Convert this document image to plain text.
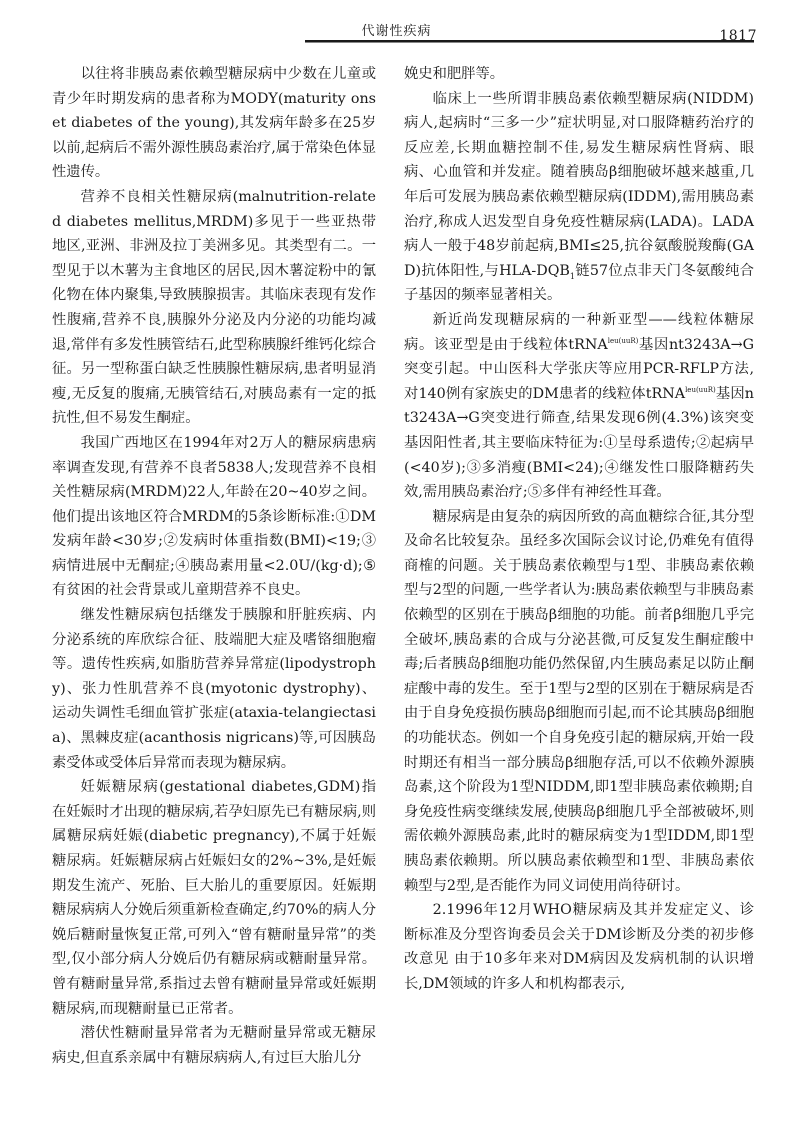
代谢性疾病	1817

以往将非胰岛素依赖型糖尿病中少数在儿童或青少年时期发病的患者称为MODY(maturity onset diabetes of the young),其发病年龄多在25岁以前,起病后不需外源性胰岛素治疗,属于常染色体显性遗传。

营养不良相关性糖尿病(malnutrition-related diabetes mellitus,MRDM)多见于一些亚热带地区,亚洲、非洲及拉丁美洲多见。其类型有二。一型见于以木薯为主食地区的居民,因木薯淀粉中的氰化物在体内聚集,导致胰腺损害。其临床表现有发作性腹痛,营养不良,胰腺外分泌及内分泌的功能均减退,常伴有多发性胰管结石,此型称胰腺纤维钙化综合征。另一型称蛋白缺乏性胰腺性糖尿病,患者明显消瘦,无反复的腹痛,无胰管结石,对胰岛素有一定的抵抗性,但不易发生酮症。

我国广西地区在1994年对2万人的糖尿病患病率调查发现,有营养不良者5838人;发现营养不良相关性糖尿病(MRDM)22人,年龄在20~40岁之间。他们提出该地区符合MRDM的5条诊断标准:①DM发病年龄<30岁;②发病时体重指数(BMI)<19;③病情进展中无酮症;④胰岛素用量<2.0U/(kg·d);⑤有贫困的社会背景或儿童期营养不良史。

继发性糖尿病包括继发于胰腺和肝脏疾病、内分泌系统的库欣综合征、肢端肥大症及嗜铬细胞瘤等。遗传性疾病,如脂肪营养异常症(lipodystrophy)、张力性肌营养不良(myotonic dystrophy)、运动失调性毛细血管扩张症(ataxia-telangiectasia)、黑棘皮症(acanthosis nigricans)等,可因胰岛素受体或受体后异常而表现为糖尿病。

妊娠糖尿病(gestational diabetes,GDM)指在妊娠时才出现的糖尿病,若孕妇原先已有糖尿病,则属糖尿病妊娠(diabetic pregnancy),不属于妊娠糖尿病。妊娠糖尿病占妊娠妇女的2%~3%,是妊娠期发生流产、死胎、巨大胎儿的重要原因。妊娠期糖尿病病人分娩后须重新检查确定,约70%的病人分娩后糖耐量恢复正常,可列入“曾有糖耐量异常”的类型,仅小部分病人分娩后仍有糖尿病或糖耐量异常。曾有糖耐量异常,系指过去曾有糖耐量异常或妊娠期糖尿病,而现糖耐量已正常者。

潜伏性糖耐量异常者为无糖耐量异常或无糖尿病史,但直系亲属中有糖尿病病人,有过巨大胎儿分

娩史和肥胖等。

临床上一些所谓非胰岛素依赖型糖尿病(NIDDM)病人,起病时“三多一少”症状明显,对口服降糖药治疗的反应差,长期血糖控制不佳,易发生糖尿病性肾病、眼病、心血管和并发症。随着胰岛β细胞破坏越来越重,几年后可发展为胰岛素依赖型糖尿病(IDDM),需用胰岛素治疗,称成人迟发型自身免疫性糖尿病(LADA)。LADA病人一般于48岁前起病,BMI≤25,抗谷氨酸脱羧酶(GAD)抗体阳性,与HLA-$DQB_1$链57位点非天门冬氨酸纯合子基因的频率显著相关。

新近尚发现糖尿病的一种新亚型——线粒体糖尿病。该亚型是由于线粒体tRNA$^{leu(uuR)}$基因nt3243A→G突变引起。中山医科大学张庆等应用PCR-RFLP方法,对140例有家族史的DM患者的线粒体tRNA$^{leu(uuR)}$基因nt3243A→G突变进行筛查,结果发现6例(4.3%)该突变基因阳性者,其主要临床特征为:①呈母系遗传;②起病早(<40岁);③多消瘦(BMI<24);④继发性口服降糖药失效,需用胰岛素治疗;⑤多伴有神经性耳聋。

糖尿病是由复杂的病因所致的高血糖综合征,其分型及命名比较复杂。虽经多次国际会议讨论,仍难免有值得商榷的问题。关于胰岛素依赖型与1型、非胰岛素依赖型与2型的问题,一些学者认为:胰岛素依赖型与非胰岛素依赖型的区别在于胰岛β细胞的功能。前者β细胞几乎完全破坏,胰岛素的合成与分泌甚微,可反复发生酮症酸中毒;后者胰岛β细胞功能仍然保留,内生胰岛素足以防止酮症酸中毒的发生。至于1型与2型的区别在于糖尿病是否由于自身免疫损伤胰岛β细胞而引起,而不论其胰岛β细胞的功能状态。例如一个自身免疫引起的糖尿病,开始一段时期还有相当一部分胰岛β细胞存活,可以不依赖外源胰岛素,这个阶段为1型NIDDM,即1型非胰岛素依赖期;自身免疫性病变继续发展,使胰岛β细胞几乎全部被破坏,则需依赖外源胰岛素,此时的糖尿病变为1型IDDM,即1型胰岛素依赖期。所以胰岛素依赖型和1型、非胰岛素依赖型与2型,是否能作为同义词使用尚待研讨。

2.1996年12月WHO糖尿病及其并发症定义、诊断标准及分型咨询委员会关于DM诊断及分类的初步修改意见 由于10多年来对DM病因及发病机制的认识增长,DM领域的许多人和机构都表示,
